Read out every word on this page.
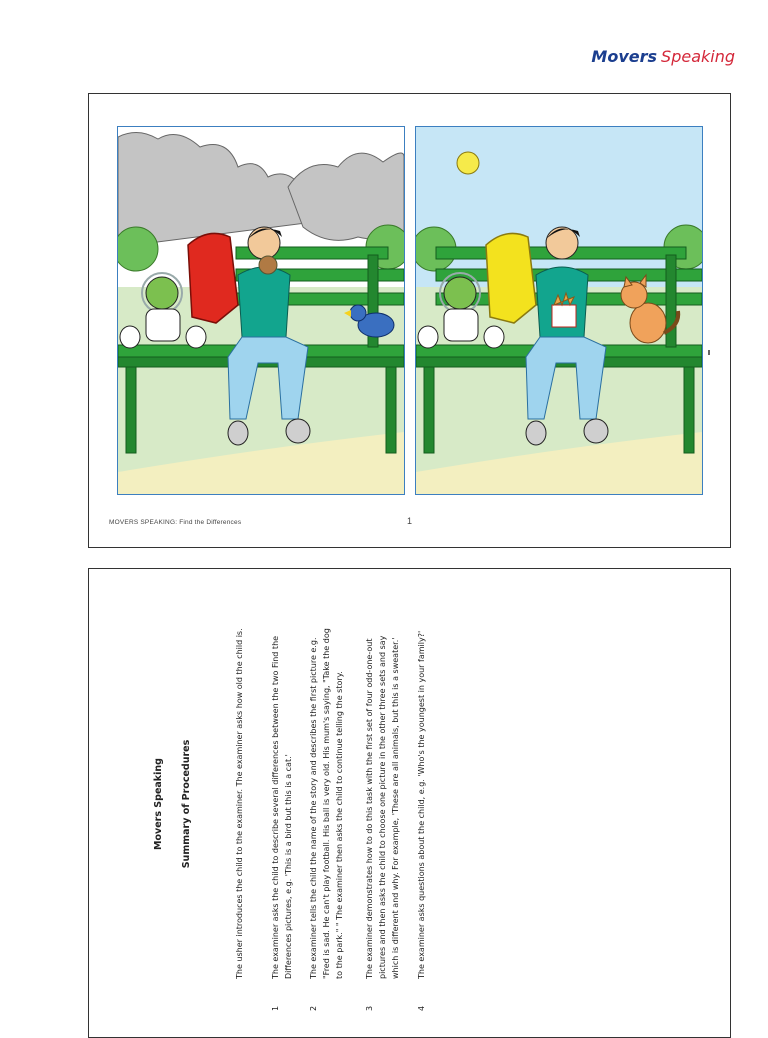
Movers Speaking
MOVERS SPEAKING: Find the Differences	1
Movers Speaking Summary of Procedures	The usher introduces the child to the examiner. The examiner asks how old the child is.
1
The examiner asks the child to describe several differences between the two Find the Differences pictures, e.g. 'This is a bird but this is a cat.'
2
The examiner tells the child the name of the story and describes the first picture e.g. "Fred is sad. He can't play football. His ball is very old. His mum's saying, "Take the dog to the park." " The examiner then asks the child to continue telling the story.
3
The examiner demonstrates how to do this task with the first set of four odd-one-out pictures and then asks the child to choose one picture in the other three sets and say which is different and why. For example, 'These are all animals, but this is a sweater.'
4
The examiner asks questions about the child, e.g. 'Who's the youngest in your family?'
